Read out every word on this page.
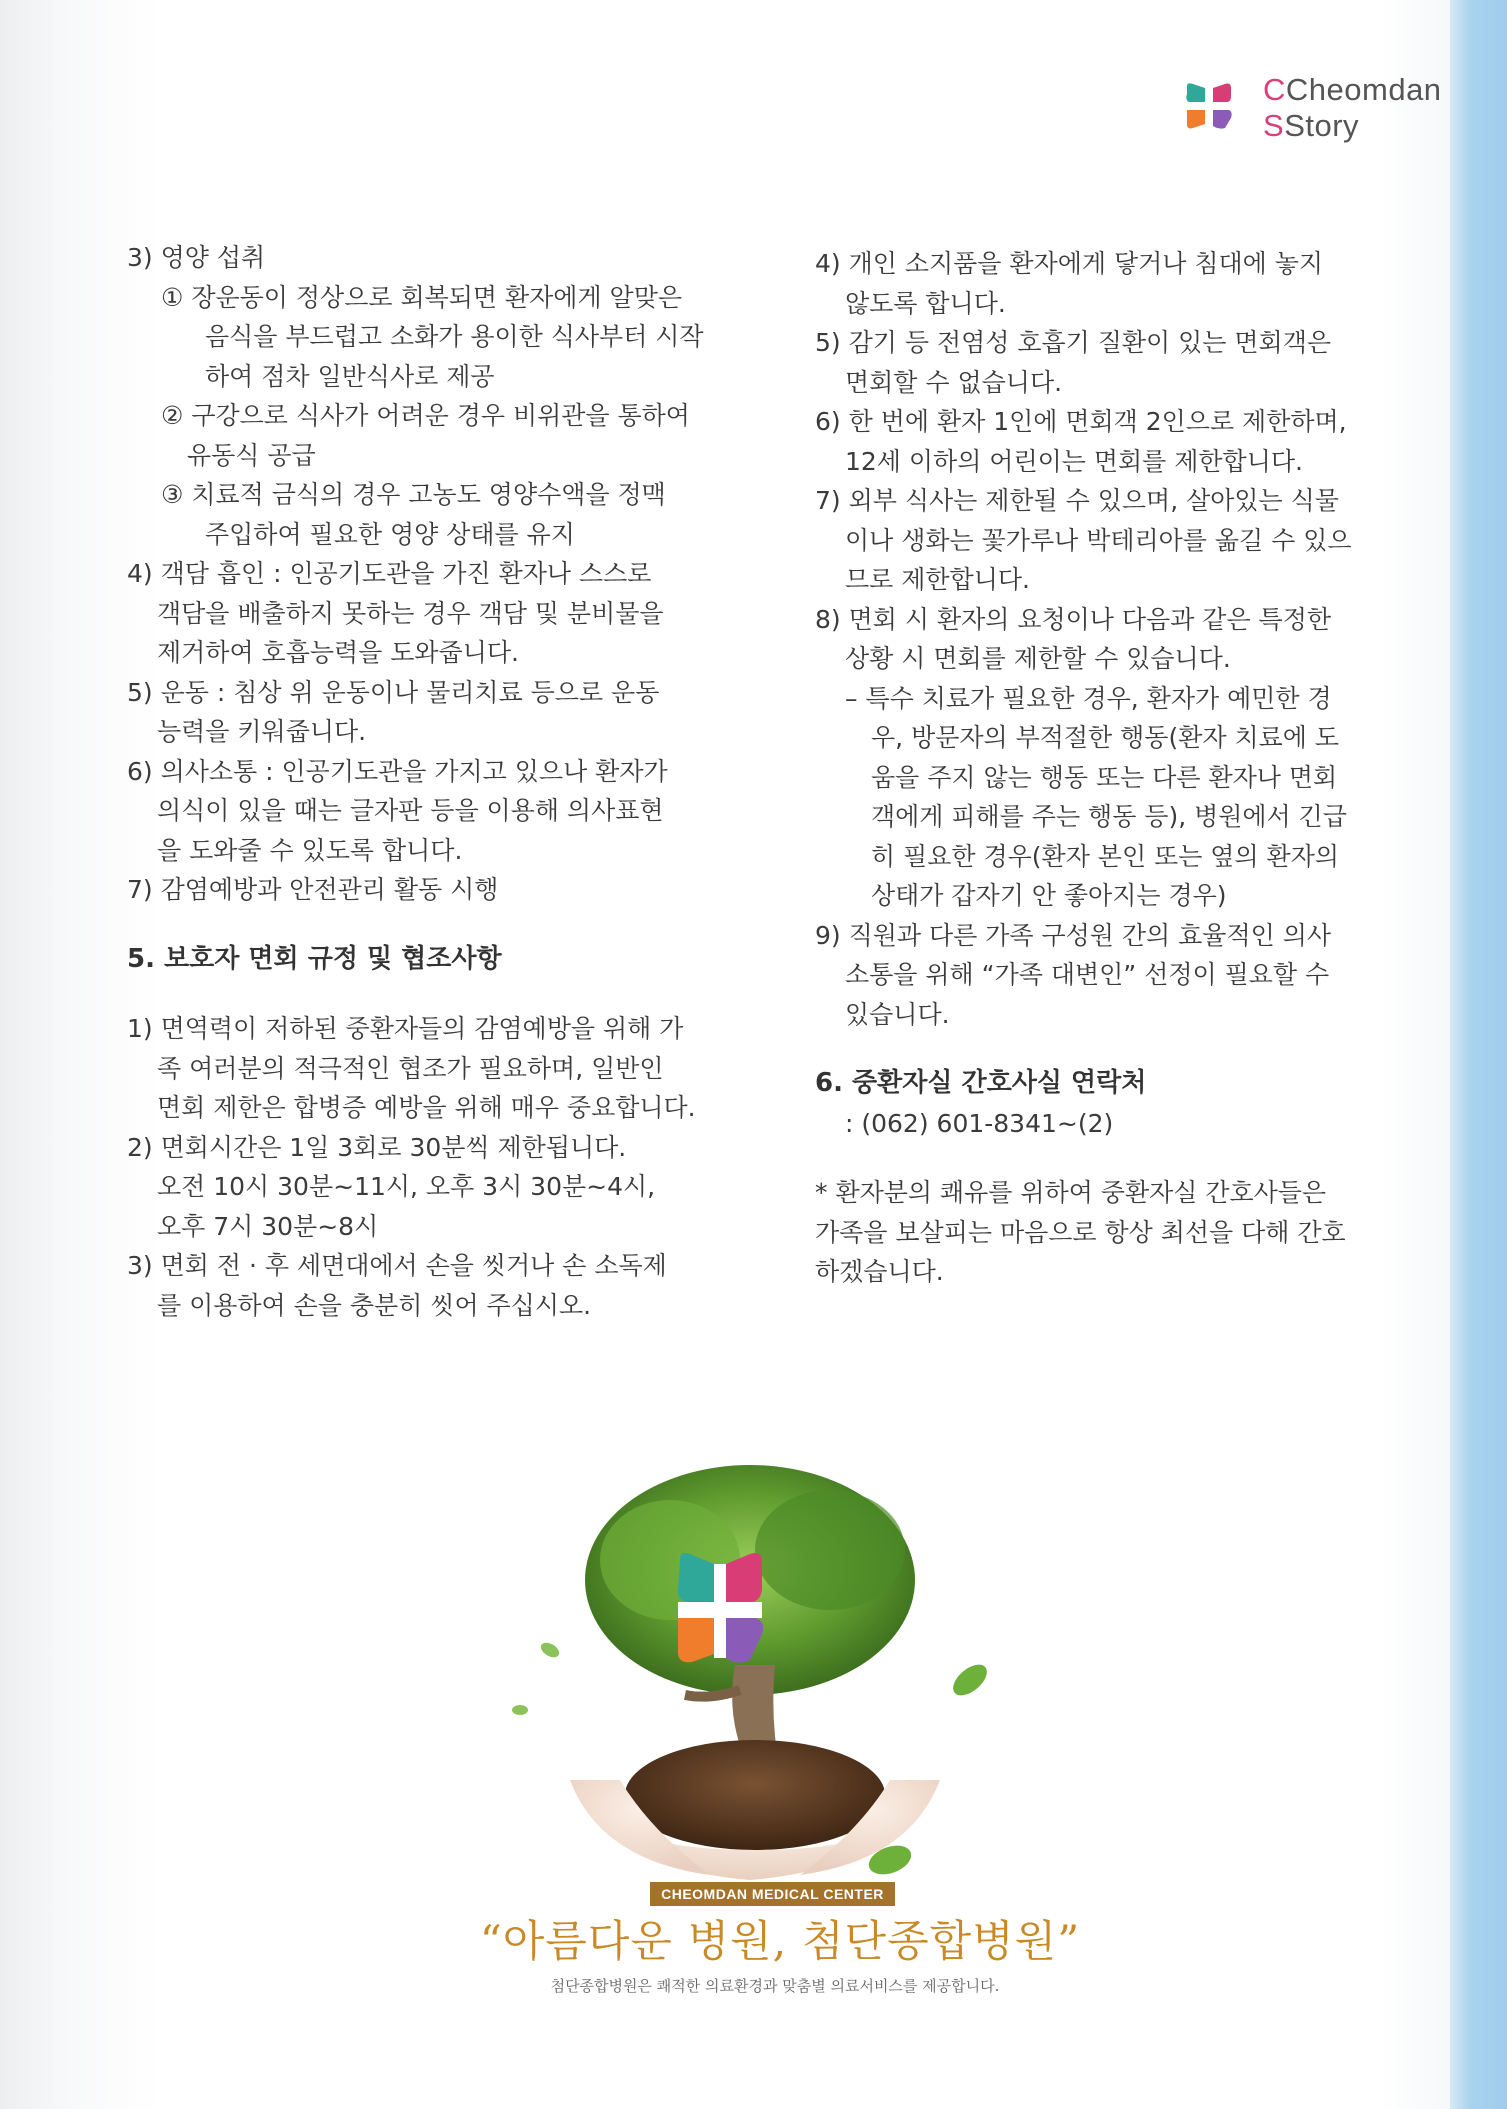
CCheomdan
SStory

3) 영양 섭취

① 장운동이 정상으로 회복되면 환자에게 알맞은

음식을 부드럽고 소화가 용이한 식사부터 시작

하여 점차 일반식사로 제공

② 구강으로 식사가 어려운 경우 비위관을 통하여

유동식 공급

③ 치료적 금식의 경우 고농도 영양수액을 정맥

주입하여 필요한 영양 상태를 유지

4) 객담 흡인 : 인공기도관을 가진 환자나 스스로

객담을 배출하지 못하는 경우 객담 및 분비물을

제거하여 호흡능력을 도와줍니다.

5) 운동 : 침상 위 운동이나 물리치료 등으로 운동

능력을 키워줍니다.

6) 의사소통 : 인공기도관을 가지고 있으나 환자가

의식이 있을 때는 글자판 등을 이용해 의사표현

을 도와줄 수 있도록 합니다.

7) 감염예방과 안전관리 활동 시행

5. 보호자 면회 규정 및 협조사항

1) 면역력이 저하된 중환자들의 감염예방을 위해 가

족 여러분의 적극적인 협조가 필요하며, 일반인

면회 제한은 합병증 예방을 위해 매우 중요합니다.

2) 면회시간은 1일 3회로 30분씩 제한됩니다.

오전 10시 30분~11시, 오후 3시 30분~4시,

오후 7시 30분~8시

3) 면회 전 · 후 세면대에서 손을 씻거나 손 소독제

를 이용하여 손을 충분히 씻어 주십시오.

4) 개인 소지품을 환자에게 닿거나 침대에 놓지

않도록 합니다.

5) 감기 등 전염성 호흡기 질환이 있는 면회객은

면회할 수 없습니다.

6) 한 번에 환자 1인에 면회객 2인으로 제한하며,

12세 이하의 어린이는 면회를 제한합니다.

7) 외부 식사는 제한될 수 있으며, 살아있는 식물

이나 생화는 꽃가루나 박테리아를 옮길 수 있으

므로 제한합니다.

8) 면회 시 환자의 요청이나 다음과 같은 특정한

상황 시 면회를 제한할 수 있습니다.

– 특수 치료가 필요한 경우, 환자가 예민한 경

우, 방문자의 부적절한 행동(환자 치료에 도

움을 주지 않는 행동 또는 다른 환자나 면회

객에게 피해를 주는 행동 등), 병원에서 긴급

히 필요한 경우(환자 본인 또는 옆의 환자의

상태가 갑자기 안 좋아지는 경우)

9) 직원과 다른 가족 구성원 간의 효율적인 의사

소통을 위해 “가족 대변인” 선정이 필요할 수

있습니다.

6. 중환자실 간호사실 연락처

: (062) 601-8341~(2)

* 환자분의 쾌유를 위하여 중환자실 간호사들은

가족을 보살피는 마음으로 항상 최선을 다해 간호

하겠습니다.

CHEOMDAN MEDICAL CENTER
“아름다운 병원, 첨단종합병원”
첨단종합병원은 쾌적한 의료환경과 맞춤별 의료서비스를 제공합니다.
